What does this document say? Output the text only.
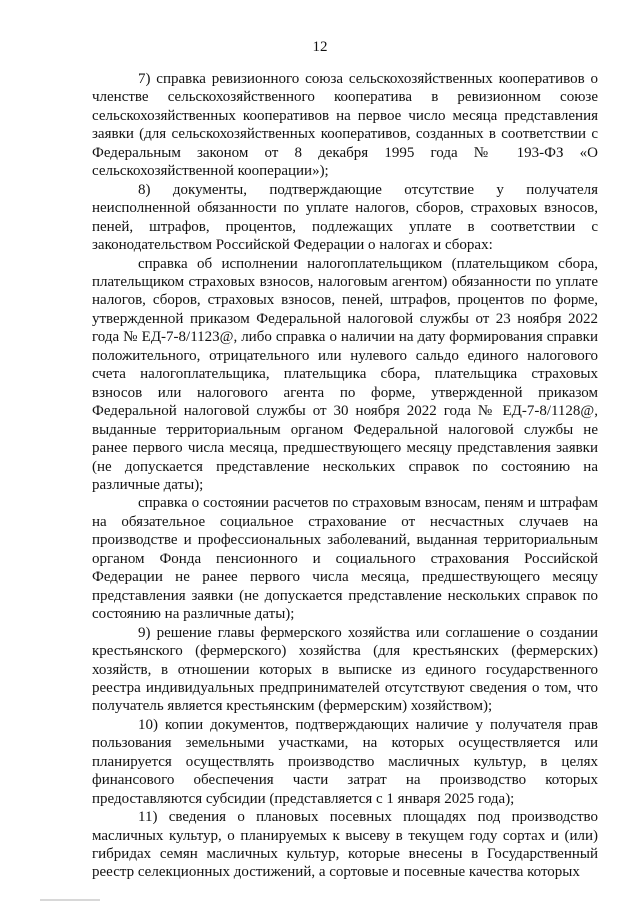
12

7) справка ревизионного союза сельскохозяйственных кооперативов о членстве сельскохозяйственного кооператива в ревизионном союзе сельскохозяйственных кооперативов на первое число месяца представления заявки (для сельскохозяйственных кооперативов, созданных в соответствии с Федеральным законом от 8 декабря 1995 года № 193-ФЗ «О сельскохозяйственной кооперации»);

8) документы, подтверждающие отсутствие у получателя неисполненной обязанности по уплате налогов, сборов, страховых взносов, пеней, штрафов, процентов, подлежащих уплате в соответствии с законодательством Российской Федерации о налогах и сборах:

справка об исполнении налогоплательщиком (плательщиком сбора, плательщиком страховых взносов, налоговым агентом) обязанности по уплате налогов, сборов, страховых взносов, пеней, штрафов, процентов по форме, утвержденной приказом Федеральной налоговой службы от 23 ноября 2022 года № ЕД-7-8/1123@, либо справка о наличии на дату формирования справки положительного, отрицательного или нулевого сальдо единого налогового счета налогоплательщика, плательщика сбора, плательщика страховых взносов или налогового агента по форме, утвержденной приказом Федеральной налоговой службы от 30 ноября 2022 года № ЕД-7-8/1128@, выданные территориальным органом Федеральной налоговой службы не ранее первого числа месяца, предшествующего месяцу представления заявки (не допускается представление нескольких справок по состоянию на различные даты);

справка о состоянии расчетов по страховым взносам, пеням и штрафам на обязательное социальное страхование от несчастных случаев на производстве и профессиональных заболеваний, выданная территориальным органом Фонда пенсионного и социального страхования Российской Федерации не ранее первого числа месяца, предшествующего месяцу представления заявки (не допускается представление нескольких справок по состоянию на различные даты);

9) решение главы фермерского хозяйства или соглашение о создании крестьянского (фермерского) хозяйства (для крестьянских (фермерских) хозяйств, в отношении которых в выписке из единого государственного реестра индивидуальных предпринимателей отсутствуют сведения о том, что получатель является крестьянским (фермерским) хозяйством);

10) копии документов, подтверждающих наличие у получателя прав пользования земельными участками, на которых осуществляется или планируется осуществлять производство масличных культур, в целях финансового обеспечения части затрат на производство которых предоставляются субсидии (представляется с 1 января 2025 года);

11) сведения о плановых посевных площадях под производство масличных культур, о планируемых к высеву в текущем году сортах и (или) гибридах семян масличных культур, которые внесены в Государственный реестр селекционных достижений, а сортовые и посевные качества которых
